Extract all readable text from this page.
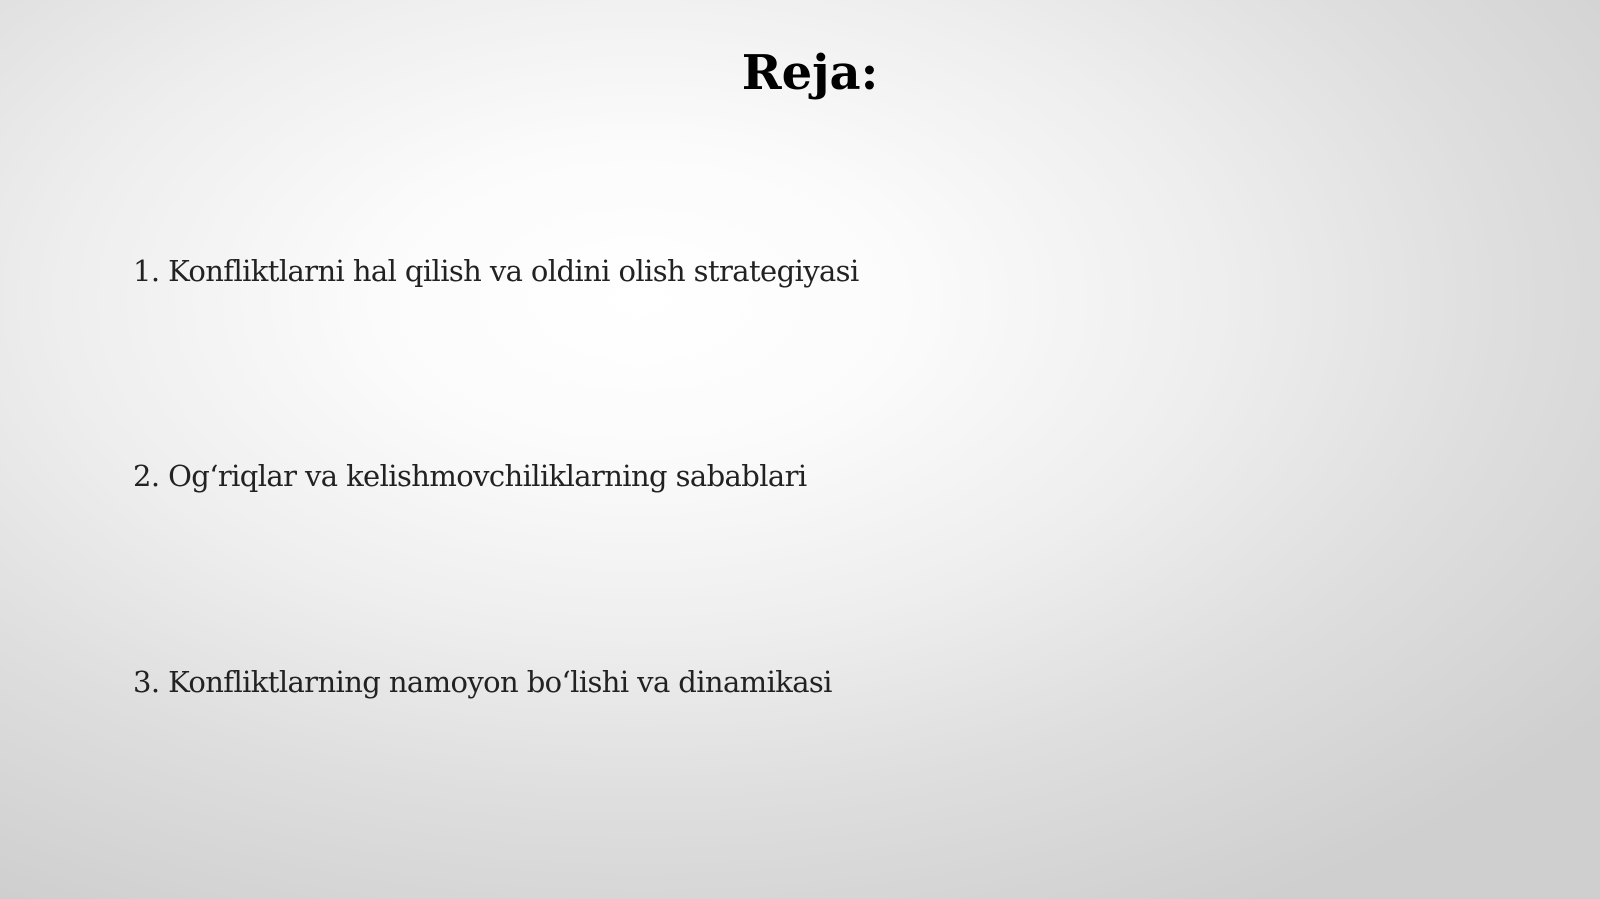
Reja:
1. Konfliktlarni hal qilish va oldini olish strategiyasi
2. Og‘riqlar va kelishmovchiliklarning sabablari
3. Konfliktlarning namoyon bo‘lishi va dinamikasi
